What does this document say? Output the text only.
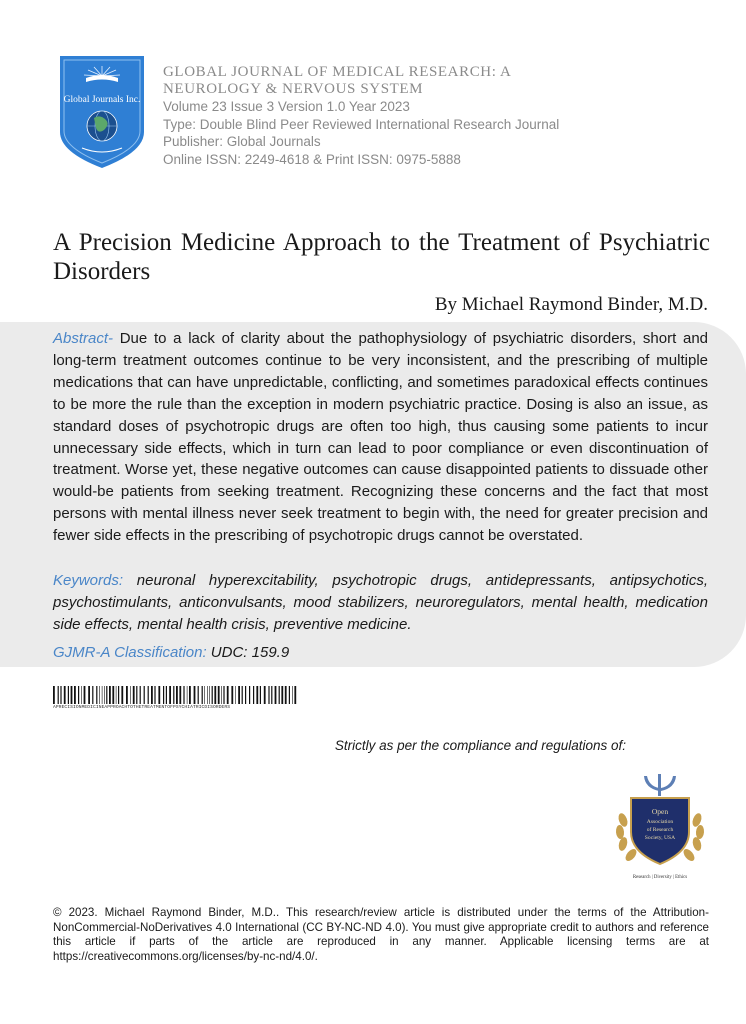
Global Journals Inc.
GLOBAL JOURNAL OF MEDICAL RESEARCH: A
NEUROLOGY & NERVOUS SYSTEM
Volume 23 Issue 3 Version 1.0 Year 2023
Type: Double Blind Peer Reviewed International Research Journal
Publisher: Global Journals
Online ISSN: 2249-4618 & Print ISSN: 0975-5888
A Precision Medicine Approach to the Treatment of Psychiatric Disorders
By Michael Raymond Binder, M.D.
Abstract- Due to a lack of clarity about the pathophysiology of psychiatric disorders, short and long-term treatment outcomes continue to be very inconsistent, and the prescribing of multiple medications that can have unpredictable, conflicting, and sometimes paradoxical effects continues to be more the rule than the exception in modern psychiatric practice. Dosing is also an issue, as standard doses of psychotropic drugs are often too high, thus causing some patients to incur unnecessary side effects, which in turn can lead to poor compliance or even discontinuation of treatment. Worse yet, these negative outcomes can cause disappointed patients to dissuade other would-be patients from seeking treatment. Recognizing these concerns and the fact that most persons with mental illness never seek treatment to begin with, the need for greater precision and fewer side effects in the prescribing of psychotropic drugs cannot be overstated.
Keywords: neuronal hyperexcitability, psychotropic drugs, antidepressants, antipsychotics, psychostimulants, anticonvulsants, mood stabilizers, neuroregulators, mental health, medication side effects, mental health crisis, preventive medicine.
GJMR-A Classification: UDC: 159.9
APRECISIONMEDICINEAPPROACHTOTHETREATMENTOFPSYCHIATRICDISORDERS
Strictly as per the compliance and regulations of:
Open
Association
of Research
Society, USA
Research | Diversity | Ethics
© 2023. Michael Raymond Binder, M.D.. This research/review article is distributed under the terms of the Attribution-NonCommercial-NoDerivatives 4.0 International (CC BY-NC-ND 4.0). You must give appropriate credit to authors and reference this article if parts of the article are reproduced in any manner. Applicable licensing terms are at https://creativecommons.org/licenses/by-nc-nd/4.0/.
